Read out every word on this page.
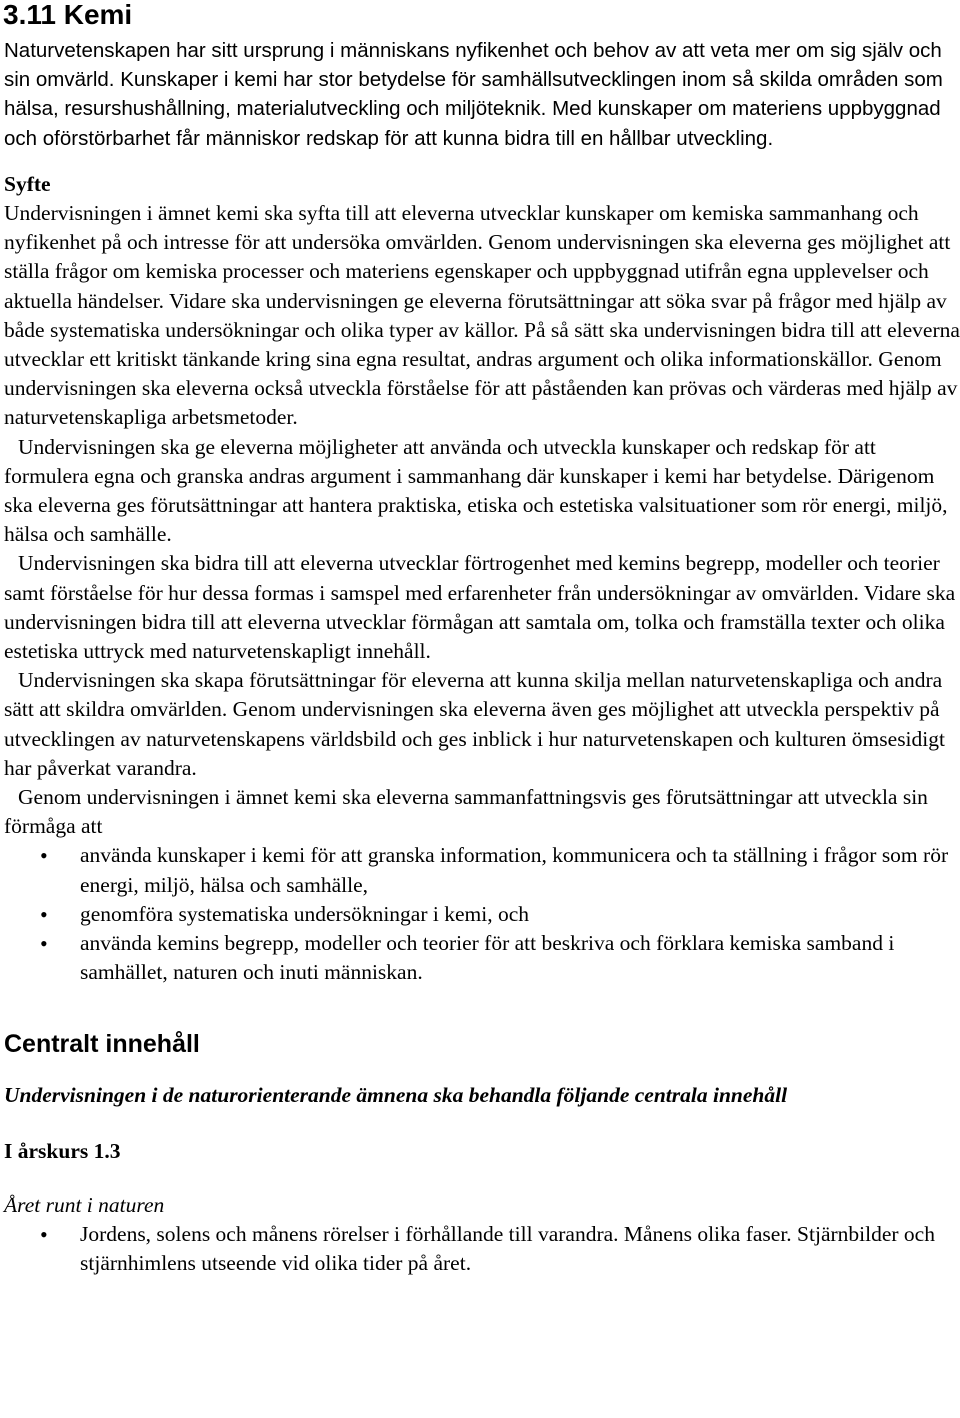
3.11 Kemi

Naturvetenskapen har sitt ursprung i människans nyfikenhet och behov av att veta mer om sig själv och sin omvärld. Kunskaper i kemi har stor betydelse för samhällsutvecklingen inom så skilda områden som hälsa, resurshushållning, materialutveckling och miljöteknik. Med kunskaper om materiens uppbyggnad och oförstörbarhet får människor redskap för att kunna bidra till en hållbar utveckling.

Syfte

Undervisningen i ämnet kemi ska syfta till att eleverna utvecklar kunskaper om kemiska sammanhang och nyfikenhet på och intresse för att undersöka omvärlden. Genom undervisningen ska eleverna ges möjlighet att ställa frågor om kemiska processer och materiens egenskaper och uppbyggnad utifrån egna upplevelser och aktuella händelser. Vidare ska undervisningen ge eleverna förutsättningar att söka svar på frågor med hjälp av både systematiska undersökningar och olika typer av källor. På så sätt ska undervisningen bidra till att eleverna utvecklar ett kritiskt tänkande kring sina egna resultat, andras argument och olika informationskällor. Genom undervisningen ska eleverna också utveckla förståelse för att påståenden kan prövas och värderas med hjälp av naturvetenskapliga arbetsmetoder.

Undervisningen ska ge eleverna möjligheter att använda och utveckla kunskaper och redskap för att formulera egna och granska andras argument i sammanhang där kunskaper i kemi har betydelse. Därigenom ska eleverna ges förutsättningar att hantera praktiska, etiska och estetiska valsituationer som rör energi, miljö, hälsa och samhälle.

Undervisningen ska bidra till att eleverna utvecklar förtrogenhet med kemins begrepp, modeller och teorier samt förståelse för hur dessa formas i samspel med erfarenheter från undersökningar av omvärlden. Vidare ska undervisningen bidra till att eleverna utvecklar förmågan att samtala om, tolka och framställa texter och olika estetiska uttryck med naturvetenskapligt innehåll.

Undervisningen ska skapa förutsättningar för eleverna att kunna skilja mellan naturvetenskapliga och andra sätt att skildra omvärlden. Genom undervisningen ska eleverna även ges möjlighet att utveckla perspektiv på utvecklingen av naturvetenskapens världsbild och ges inblick i hur naturvetenskapen och kulturen ömsesidigt har påverkat varandra.

Genom undervisningen i ämnet kemi ska eleverna sammanfattningsvis ges förutsättningar att utveckla sin förmåga att

• använda kunskaper i kemi för att granska information, kommunicera och ta ställning i frågor som rör energi, miljö, hälsa och samhälle,
• genomföra systematiska undersökningar i kemi, och
• använda kemins begrepp, modeller och teorier för att beskriva och förklara kemiska samband i samhället, naturen och inuti människan.

Centralt innehåll

Undervisningen i de naturorienterande ämnena ska behandla följande centrala innehåll

I årskurs 1.3

Året runt i naturen

• Jordens, solens och månens rörelser i förhållande till varandra. Månens olika faser. Stjärnbilder och stjärnhimlens utseende vid olika tider på året.
